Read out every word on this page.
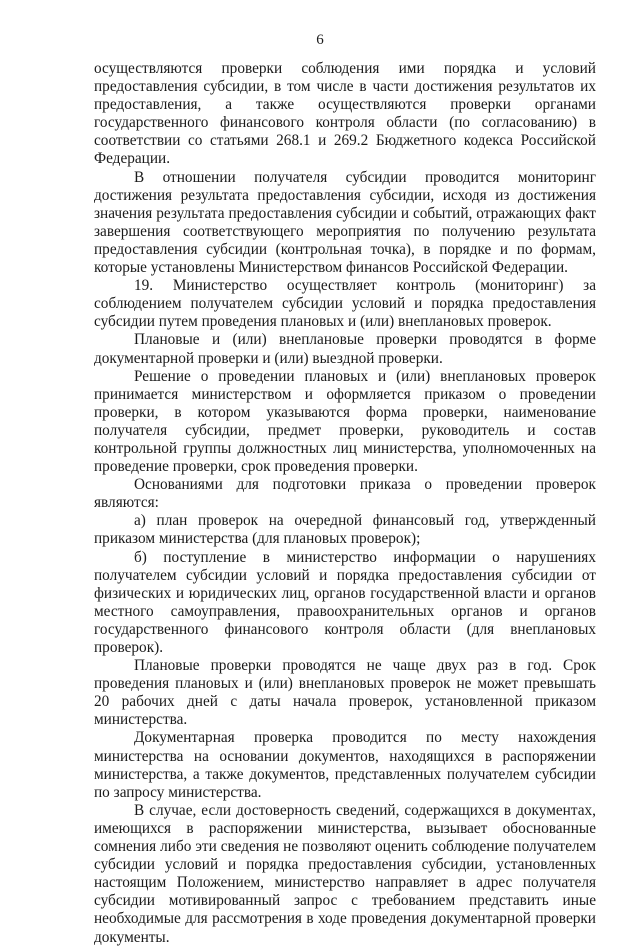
6

осуществляются проверки соблюдения ими порядка и условий предоставления субсидии, в том числе в части достижения результатов их предоставления, а также осуществляются проверки органами государственного финансового контроля области (по согласованию) в соответствии со статьями 268.1 и 269.2 Бюджетного кодекса Российской Федерации.

В отношении получателя субсидии проводится мониторинг достижения результата предоставления субсидии, исходя из достижения значения результата предоставления субсидии и событий, отражающих факт завершения соответствующего мероприятия по получению результата предоставления субсидии (контрольная точка), в порядке и по формам, которые установлены Министерством финансов Российской Федерации.

19. Министерство осуществляет контроль (мониторинг) за соблюдением получателем субсидии условий и порядка предоставления субсидии путем проведения плановых и (или) внеплановых проверок.

Плановые и (или) внеплановые проверки проводятся в форме документарной проверки и (или) выездной проверки.

Решение о проведении плановых и (или) внеплановых проверок принимается министерством и оформляется приказом о проведении проверки, в котором указываются форма проверки, наименование получателя субсидии, предмет проверки, руководитель и состав контрольной группы должностных лиц министерства, уполномоченных на проведение проверки, срок проведения проверки.

Основаниями для подготовки приказа о проведении проверок являются:

а) план проверок на очередной финансовый год, утвержденный приказом министерства (для плановых проверок);

б) поступление в министерство информации о нарушениях получателем субсидии условий и порядка предоставления субсидии от физических и юридических лиц, органов государственной власти и органов местного самоуправления, правоохранительных органов и органов государственного финансового контроля области (для внеплановых проверок).

Плановые проверки проводятся не чаще двух раз в год. Срок проведения плановых и (или) внеплановых проверок не может превышать 20 рабочих дней с даты начала проверок, установленной приказом министерства.

Документарная проверка проводится по месту нахождения министерства на основании документов, находящихся в распоряжении министерства, а также документов, представленных получателем субсидии по запросу министерства.

В случае, если достоверность сведений, содержащихся в документах, имеющихся в распоряжении министерства, вызывает обоснованные сомнения либо эти сведения не позволяют оценить соблюдение получателем субсидии условий и порядка предоставления субсидии, установленных настоящим Положением, министерство направляет в адрес получателя субсидии мотивированный запрос с требованием представить иные необходимые для рассмотрения в ходе проведения документарной проверки документы.
